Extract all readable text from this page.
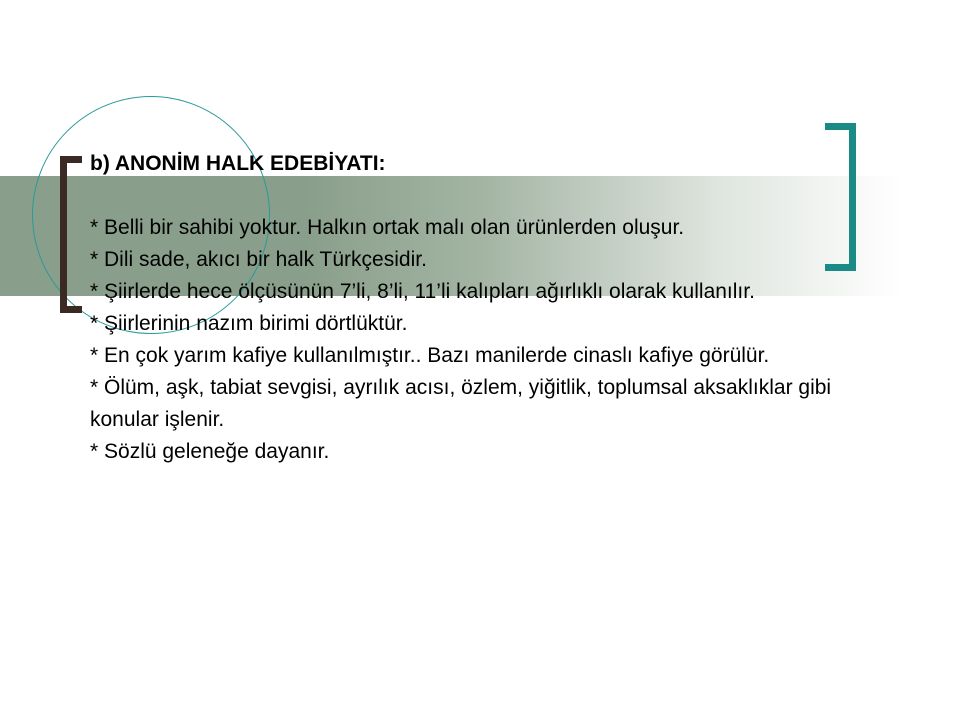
b) ANONİM HALK EDEBİYATI:

* Belli bir sahibi yoktur. Halkın ortak malı olan ürünlerden oluşur.

* Dili sade, akıcı bir halk Türkçesidir.

* Şiirlerde hece ölçüsünün 7’li, 8’li, 11’li kalıpları ağırlıklı olarak kullanılır.

* Şiirlerinin nazım birimi dörtlüktür.

* En çok yarım kafiye kullanılmıştır.. Bazı manilerde cinaslı kafiye görülür.

* Ölüm, aşk, tabiat sevgisi, ayrılık acısı, özlem, yiğitlik, toplumsal aksaklıklar gibi konular işlenir.

* Sözlü geleneğe dayanır.
